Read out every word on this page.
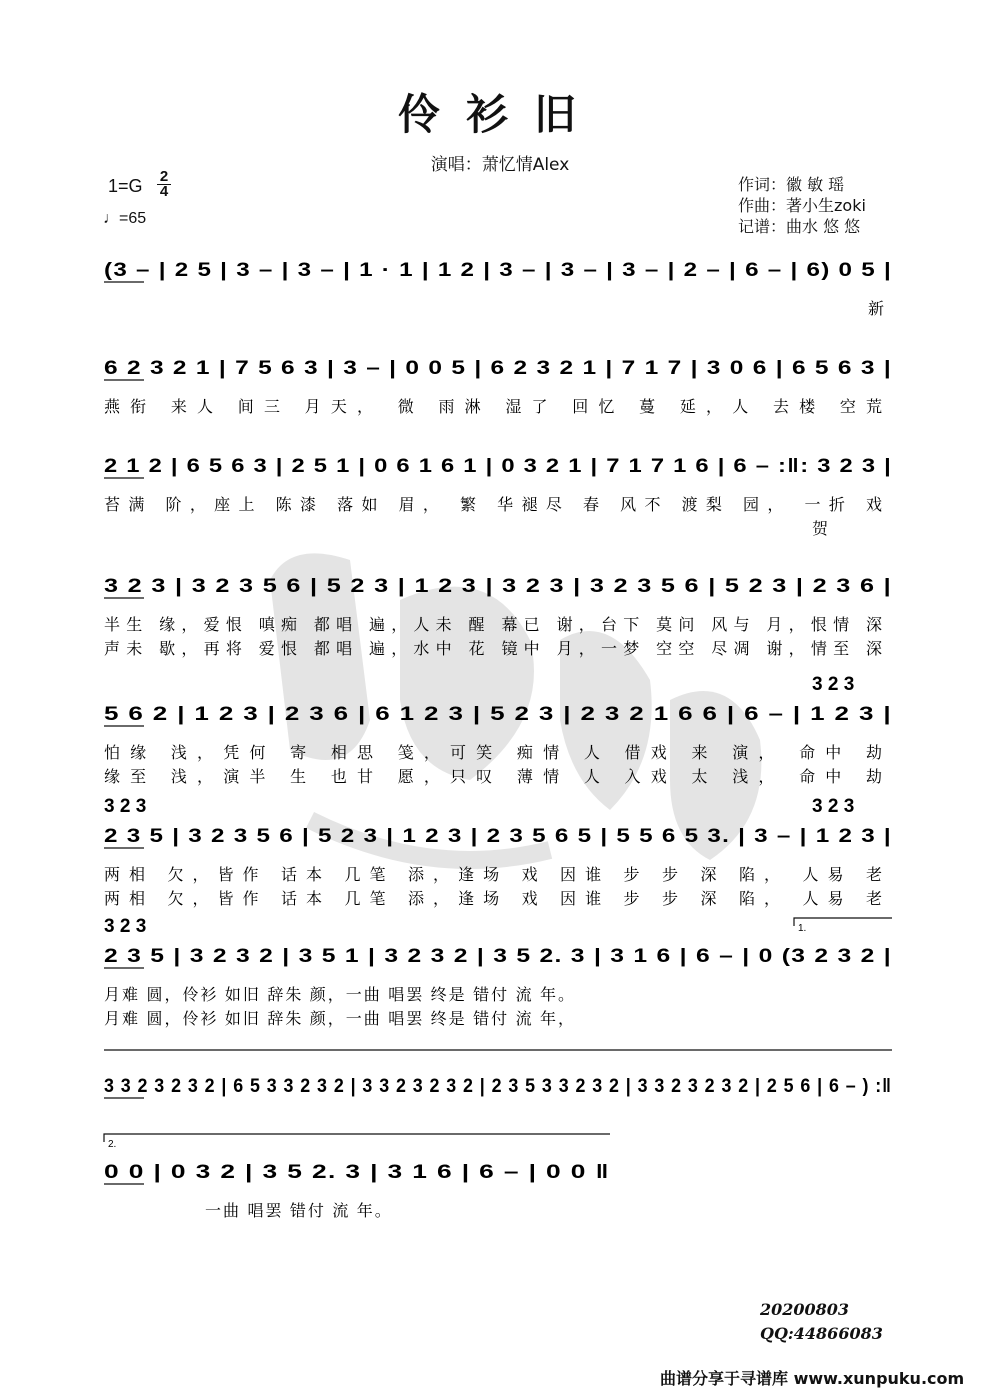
伶衫旧
演唱：萧忆情Alex
作词：徽 敏 瑶
作曲：著小生zoki
记谱：曲水 悠 悠
1=G 2
4
♩=65
(3 – | 2 5 | 3 – | 3 – | 1 · 1 | 1 2 | 3 – | 3 – | 3 – | 2 – | 6 – | 6) 0 5 |
新
6 2 3 2 1 | 7 5 6 3 | 3 – | 0 0 5 | 6 2 3 2 1 | 7 1 7 | 3 0 6 | 6 5 6 3 |
燕衔 来人 间三 月天， 微 雨淋 湿了 回忆 蔓 延，人 去楼 空荒
2 1 2 | 6 5 6 3 | 2 5 1 | 0 6 1 6 1 | 0 3 2 1 | 7 1 7 1 6 | 6 – :‖: 3 2 3 |
苔满 阶，座上 陈漆 落如 眉， 繁 华褪尽 春 风不 渡梨 园， 一折 戏
贺
3 2 3 | 3 2 3 5 6 | 5 2 3 | 1 2 3 | 3 2 3 | 3 2 3 5 6 | 5 2 3 | 2 3 6 |
半生 缘，爱恨 嗔痴 都唱 遍，人未 醒 幕已 谢，台下 莫问 风与 月，恨情 深
声未 歇，再将 爱恨 都唱 遍，水中 花 镜中 月，一梦 空空 尽凋 谢，情至 深
5 6 2 | 1 2 3 | 2 3 6 | 6 1 2 3 | 5 2 3 | 2 3 2 1 6 6 | 6 – | 1 2 3 |
3 2 3
怕缘 浅，凭何 寄 相思 笺，可笑 痴情 人 借戏 来 演， 命中 劫
缘至 浅，演半 生 也甘 愿，只叹 薄情 人 入戏 太 浅， 命中 劫
2 3 5 | 3 2 3 5 6 | 5 2 3 | 1 2 3 | 2 3 5 6 5 | 5 5 6 5 3. | 3 – | 1 2 3 |
3 2 3	3 2 3
两相 欠，皆作 话本 几笔 添，逢场 戏 因谁 步 步 深 陷， 人易 老
两相 欠，皆作 话本 几笔 添，逢场 戏 因谁 步 步 深 陷， 人易 老
2 3 5 | 3 2 3 2 | 3 5 1 | 3 2 3 2 | 3 5 2. 3 | 3 1 6 | 6 – | 0 (3 2 3 2 |
3 2 3	1.
月难 圆，伶衫 如旧 辞朱 颜，一曲 唱罢 终是 错付 流 年。
月难 圆，伶衫 如旧 辞朱 颜，一曲 唱罢 终是 错付 流 年，
3 3 2 3 2 3 2 | 6 5 3 3 2 3 2 | 3 3 2 3 2 3 2 | 2 3 5 3 3 2 3 2 | 3 3 2 3 2 3 2 | 2 5 6 | 6 – ) :‖
0 0 | 0 3 2 | 3 5 2. 3 | 3 1 6 | 6 – | 0 0 ‖
2.
一曲 唱罢 错付 流 年。
20200803
QQ:44866083
曲谱分享于寻谱库 www.xunpuku.com
